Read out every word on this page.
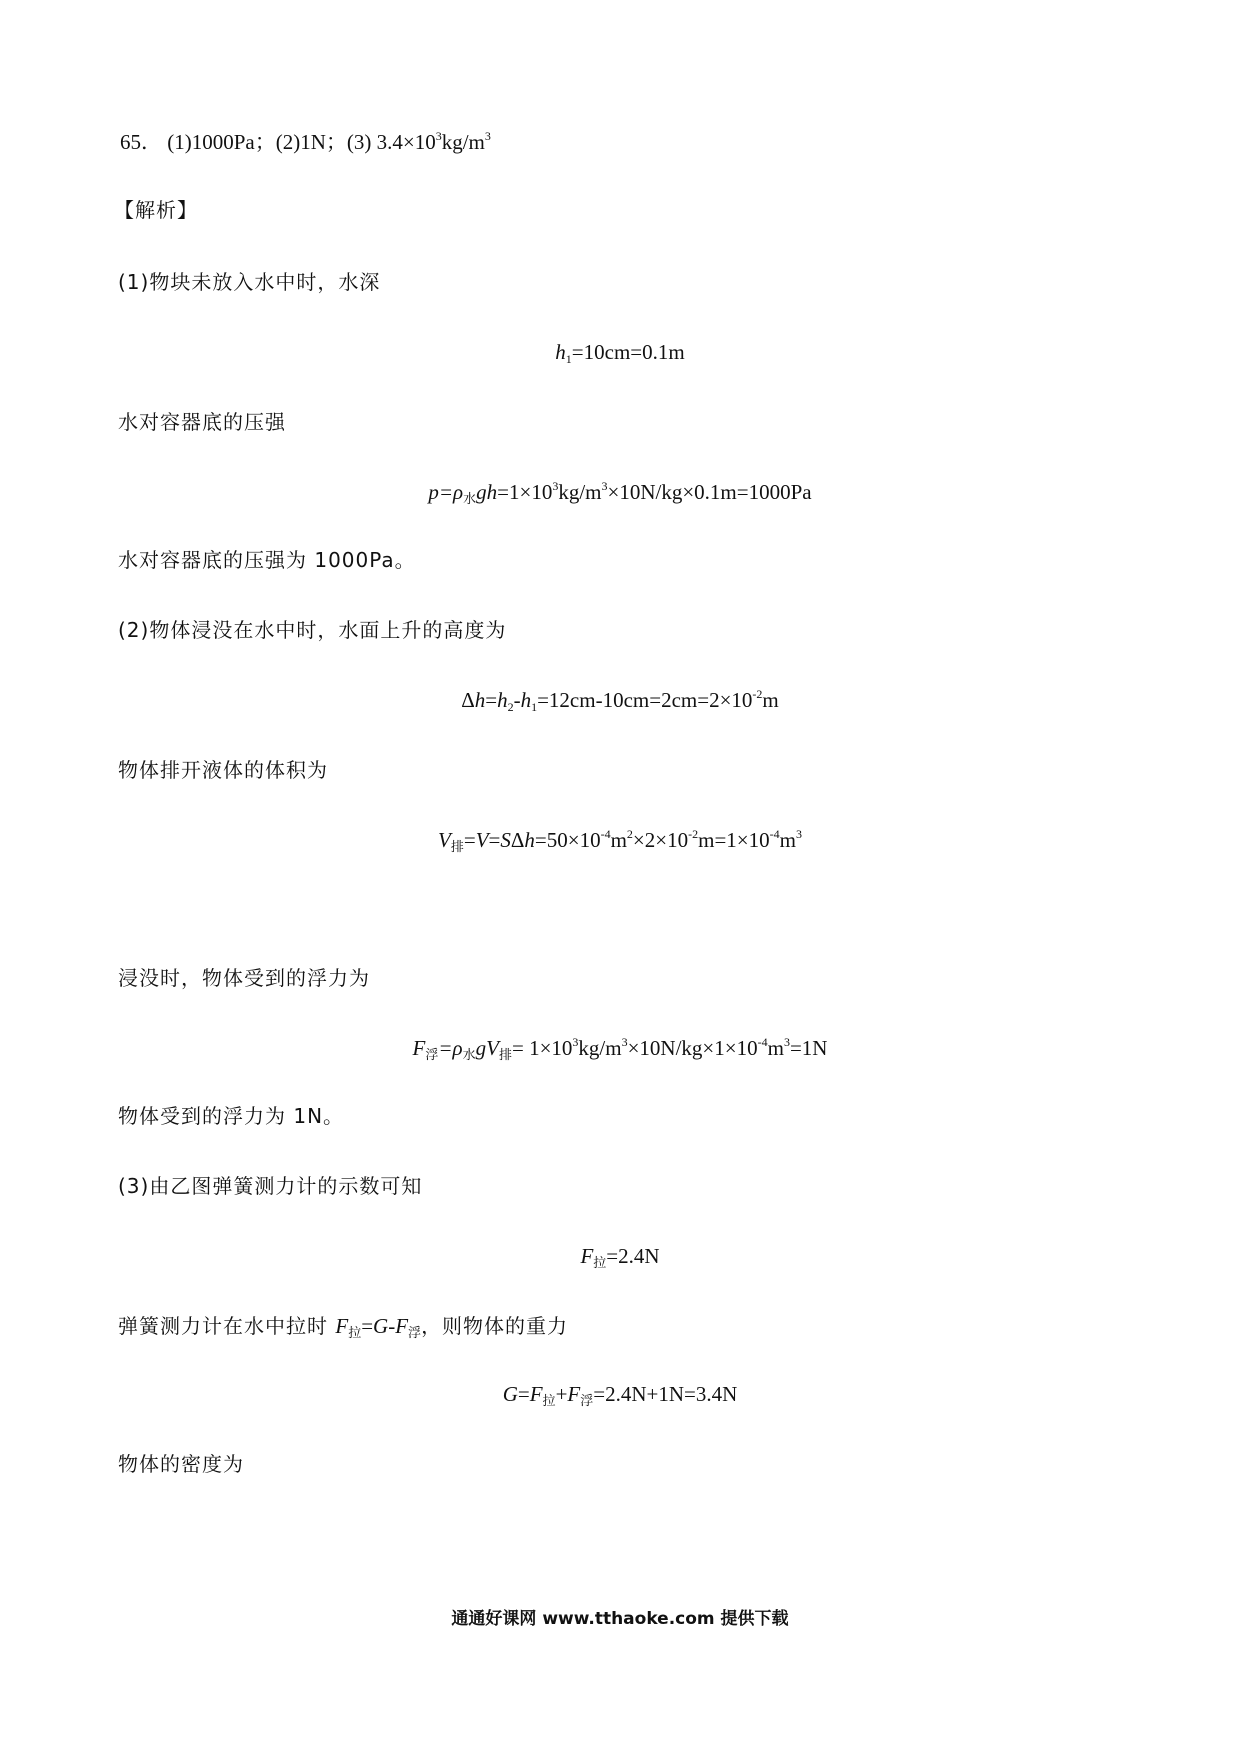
65． (1)1000Pa；(2)1N；(3) $3.4\times 10^3kg/m^3$
【解析】
(1)物块未放入水中时，水深
$h_1=10cm=0.1m$
水对容器底的压强
$p=\rho_水gh=1\times 10^3kg/m^3\times 10N/kg\times 0.1m=1000Pa$
水对容器底的压强为 1000Pa。
(2)物体浸没在水中时，水面上升的高度为
$\Delta h=h_2-h_1=12cm-10cm=2cm=2\times 10^{-2}m$
物体排开液体的体积为
$V_排=V=S\Delta h=50\times 10^{-4}m^2\times 2\times 10^{-2}m=1\times 10^{-4}m^3$
浸没时，物体受到的浮力为
$F_浮=\rho_水gV_排= 1\times 10^3kg/m^3\times 10N/kg\times 1\times 10^{-4}m^3=1N$
物体受到的浮力为 1N。
(3)由乙图弹簧测力计的示数可知
$F_拉=2.4N$
弹簧测力计在水中拉时 $F_拉=G-F_浮$，则物体的重力
$G=F_拉+F_浮=2.4N+1N=3.4N$
物体的密度为
通通好课网 www.tthaoke.com 提供下载
